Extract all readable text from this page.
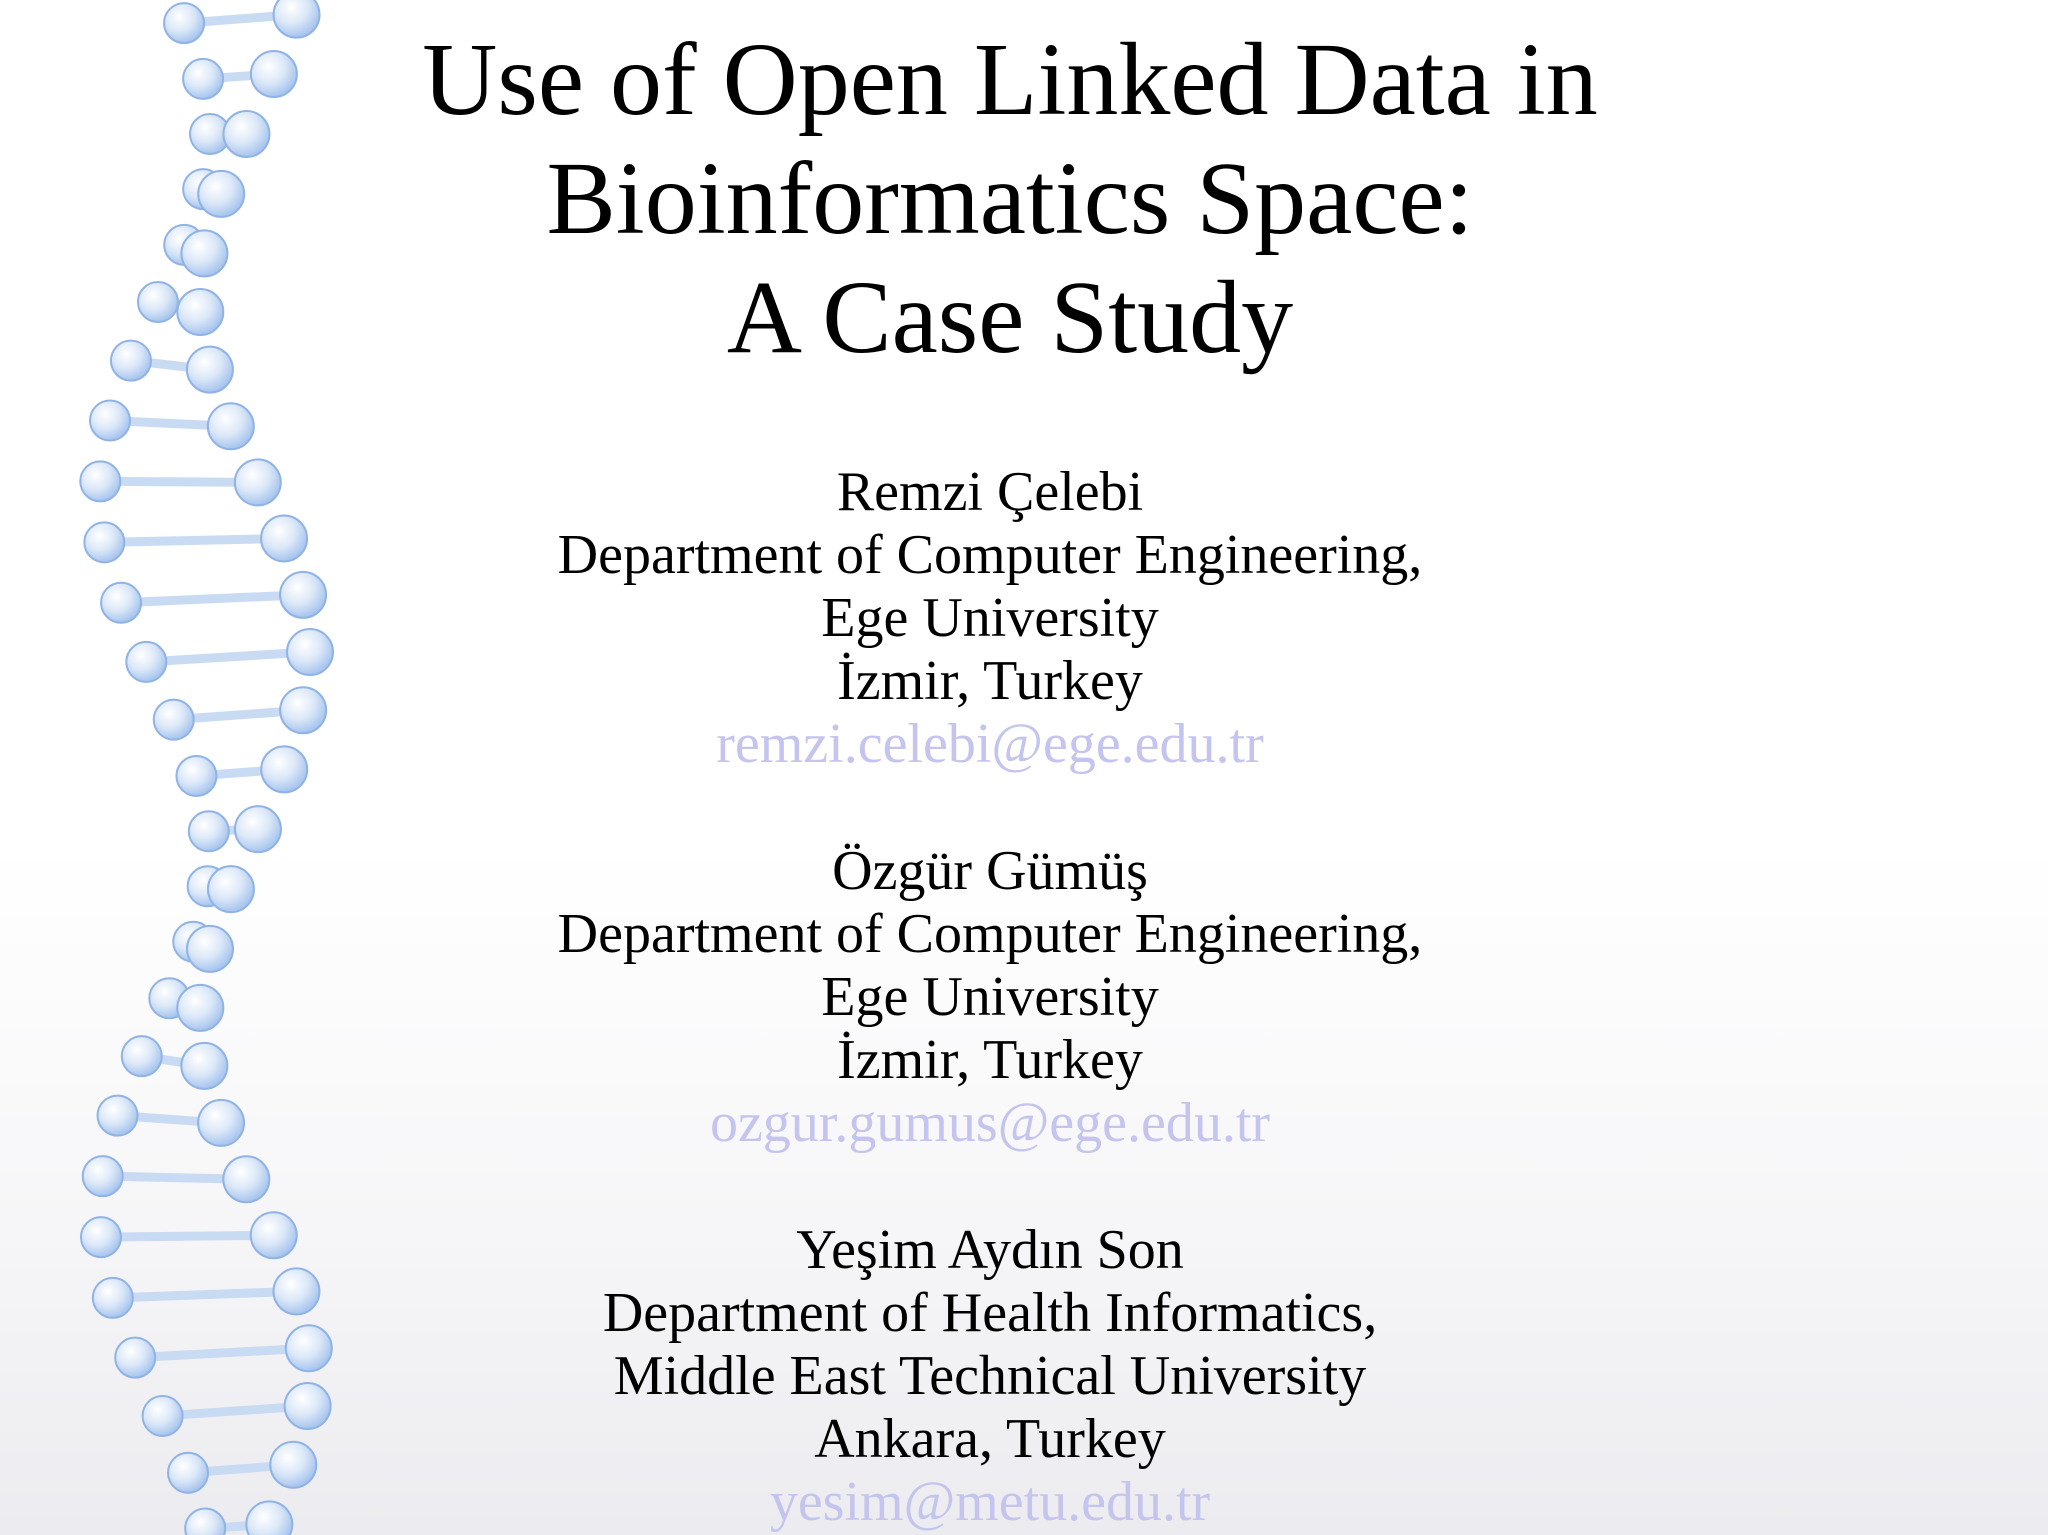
Use of Open Linked Data in
Bioinformatics Space:
A Case Study
Remzi Çelebi
Department of Computer Engineering,
Ege University
İzmir, Turkey
remzi.celebi@ege.edu.tr
Özgür Gümüş
Department of Computer Engineering,
Ege University
İzmir, Turkey
ozgur.gumus@ege.edu.tr
Yeşim Aydın Son
Department of Health Informatics,
Middle East Technical University
Ankara, Turkey
yesim@metu.edu.tr
